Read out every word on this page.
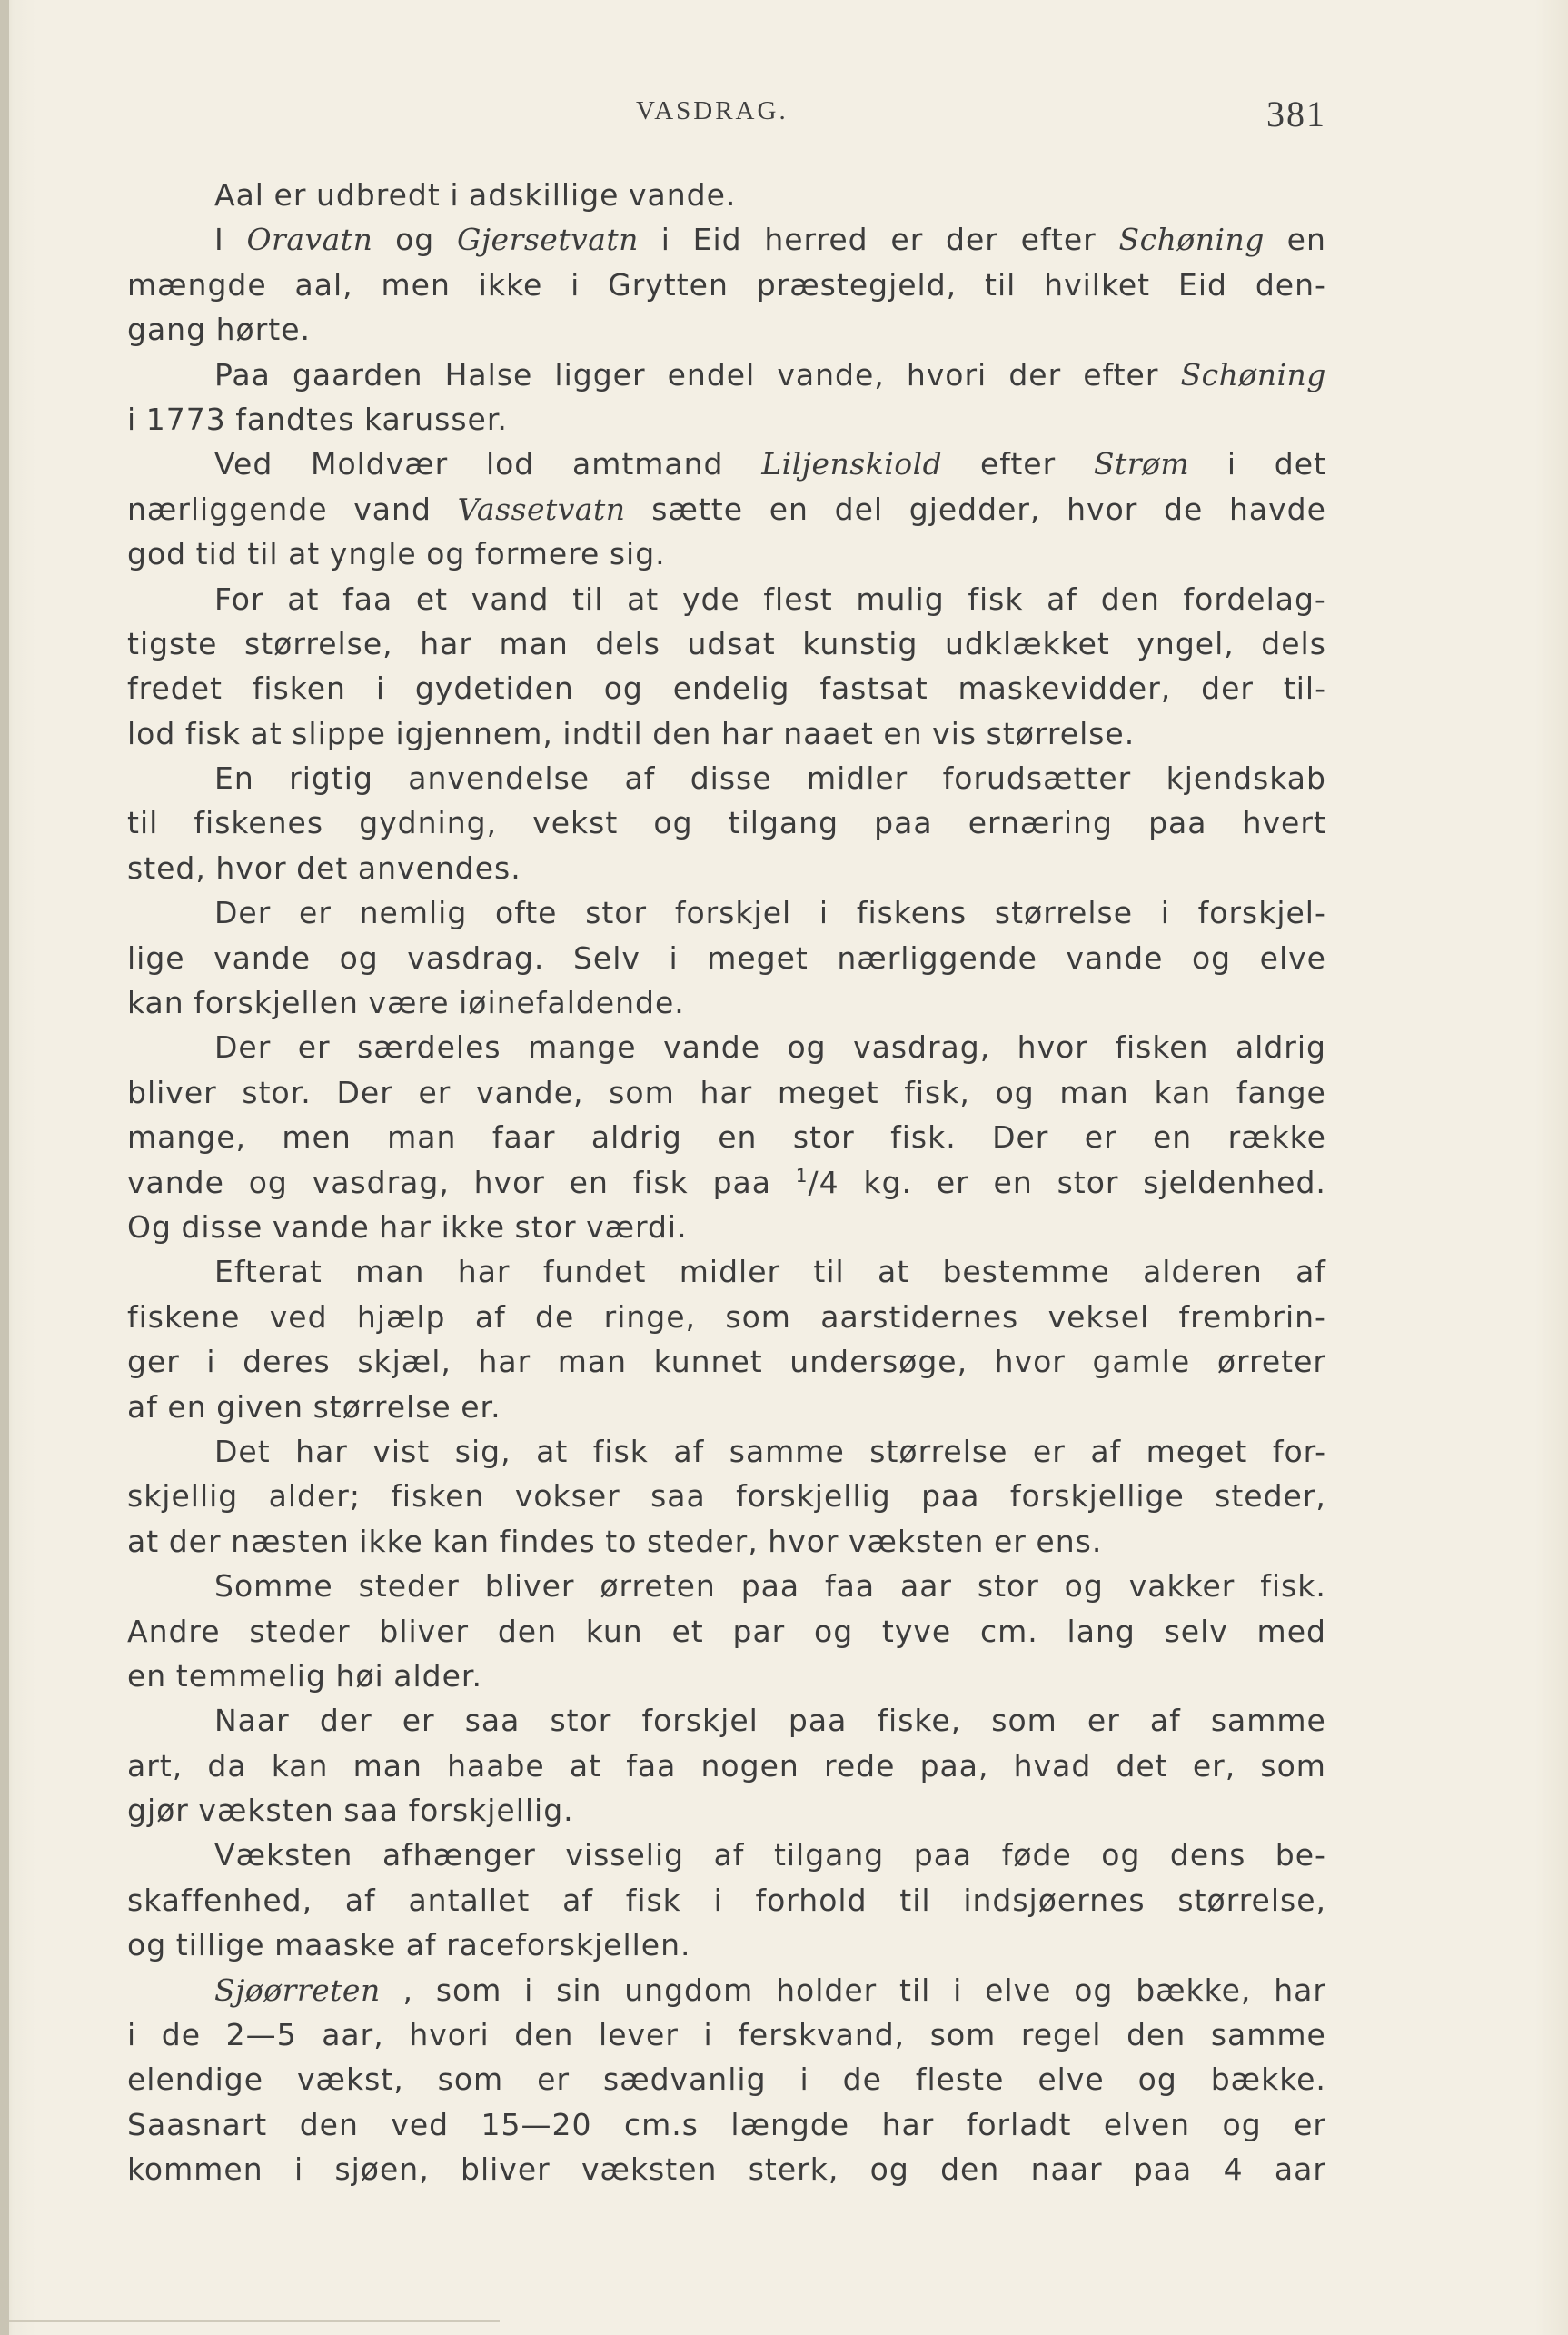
VASDRAG.	381
Aal er udbredt i adskillige vande.
I Oravatn og Gjersetvatn i Eid herred er der efter Schøning en
mængde aal, men ikke i Grytten præstegjeld, til hvilket Eid den-
gang hørte.
Paa gaarden Halse ligger endel vande, hvori der efter Schøning
i 1773 fandtes karusser.
Ved Moldvær lod amtmand Liljenskiold efter Strøm i det
nærliggende vand Vassetvatn sætte en del gjedder, hvor de havde
god tid til at yngle og formere sig.
For at faa et vand til at yde flest mulig fisk af den fordelag-
tigste størrelse, har man dels udsat kunstig udklækket yngel, dels
fredet fisken i gydetiden og endelig fastsat maskevidder, der til-
lod fisk at slippe igjennem, indtil den har naaet en vis størrelse.
En rigtig anvendelse af disse midler forudsætter kjendskab
til fiskenes gydning, vekst og tilgang paa ernæring paa hvert
sted, hvor det anvendes.
Der er nemlig ofte stor forskjel i fiskens størrelse i forskjel-
lige vande og vasdrag. Selv i meget nærliggende vande og elve
kan forskjellen være iøinefaldende.
Der er særdeles mange vande og vasdrag, hvor fisken aldrig
bliver stor. Der er vande, som har meget fisk, og man kan fange
mange, men man faar aldrig en stor fisk. Der er en række
vande og vasdrag, hvor en fisk paa $^1$/4 kg. er en stor sjeldenhed.
Og disse vande har ikke stor værdi.
Efterat man har fundet midler til at bestemme alderen af
fiskene ved hjælp af de ringe, som aarstidernes veksel frembrin-
ger i deres skjæl, har man kunnet undersøge, hvor gamle ørreter
af en given størrelse er.
Det har vist sig, at fisk af samme størrelse er af meget for-
skjellig alder; fisken vokser saa forskjellig paa forskjellige steder,
at der næsten ikke kan findes to steder, hvor væksten er ens.
Somme steder bliver ørreten paa faa aar stor og vakker fisk.
Andre steder bliver den kun et par og tyve cm. lang selv med
en temmelig høi alder.
Naar der er saa stor forskjel paa fiske, som er af samme
art, da kan man haabe at faa nogen rede paa, hvad det er, som
gjør væksten saa forskjellig.
Væksten afhænger visselig af tilgang paa føde og dens be-
skaffenhed, af antallet af fisk i forhold til indsjøernes størrelse,
og tillige maaske af raceforskjellen.
Sjøørreten , som i sin ungdom holder til i elve og bække, har
i de 2—5 aar, hvori den lever i ferskvand, som regel den samme
elendige vækst, som er sædvanlig i de fleste elve og bække.
Saasnart den ved 15—20 cm.s længde har forladt elven og er
kommen i sjøen, bliver væksten sterk, og den naar paa 4 aar
